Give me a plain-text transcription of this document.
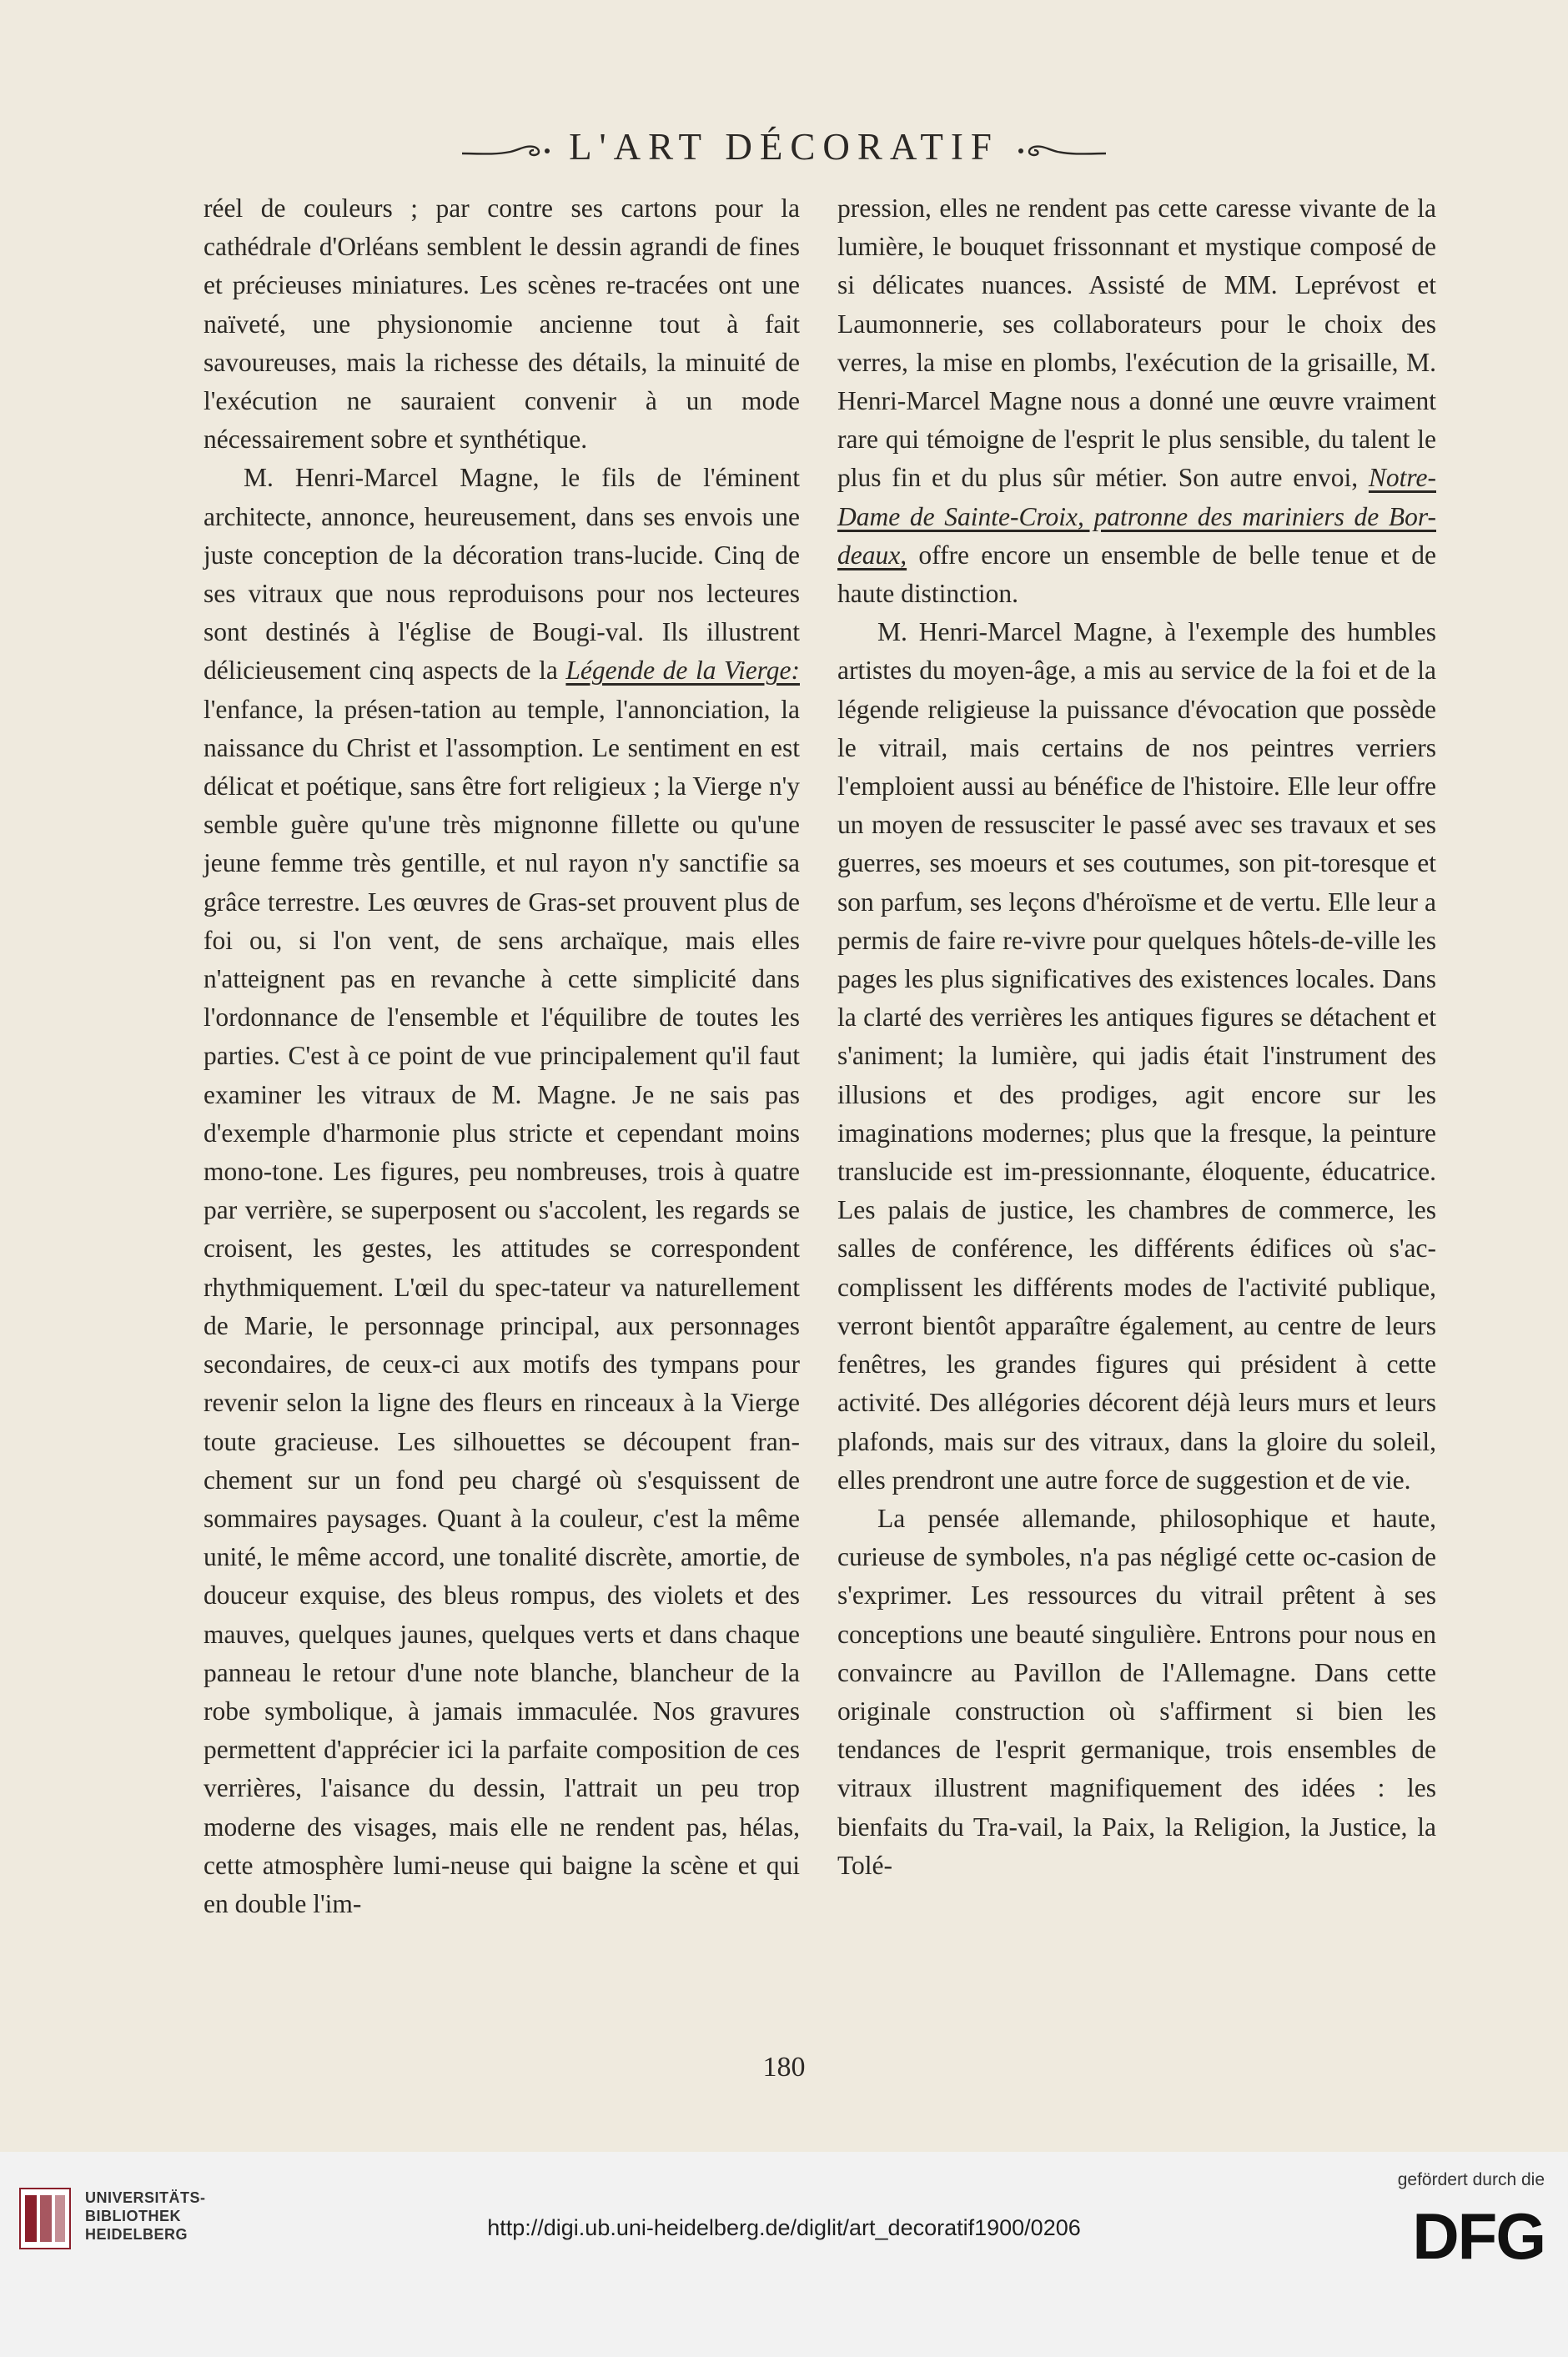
L'ART DÉCORATIF

réel de couleurs ; par contre ses cartons pour la cathédrale d'Orléans semblent le dessin agrandi de fines et précieuses miniatures. Les scènes re-tracées ont une naïveté, une physionomie ancienne tout à fait savoureuses, mais la richesse des détails, la minuité de l'exécution ne sauraient convenir à un mode nécessairement sobre et synthétique.

M. Henri-Marcel Magne, le fils de l'éminent architecte, annonce, heureusement, dans ses envois une juste conception de la décoration trans-lucide. Cinq de ses vitraux que nous reproduisons pour nos lecteures sont destinés à l'église de Bougi-val. Ils illustrent délicieusement cinq aspects de la Légende de la Vierge: l'enfance, la présen-tation au temple, l'annonciation, la naissance du Christ et l'assomption. Le sentiment en est délicat et poétique, sans être fort religieux ; la Vierge n'y semble guère qu'une très mignonne fillette ou qu'une jeune femme très gentille, et nul rayon n'y sanctifie sa grâce terrestre. Les œuvres de Gras-set prouvent plus de foi ou, si l'on vent, de sens archaïque, mais elles n'atteignent pas en revanche à cette simplicité dans l'ordonnance de l'ensemble et l'équilibre de toutes les parties. C'est à ce point de vue principalement qu'il faut examiner les vitraux de M. Magne. Je ne sais pas d'exemple d'harmonie plus stricte et cependant moins mono-tone. Les figures, peu nombreuses, trois à quatre par verrière, se superposent ou s'accolent, les regards se croisent, les gestes, les attitudes se correspondent rhythmiquement. L'œil du spec-tateur va naturellement de Marie, le personnage principal, aux personnages secondaires, de ceux-ci aux motifs des tympans pour revenir selon la ligne des fleurs en rinceaux à la Vierge toute gracieuse. Les silhouettes se découpent fran-chement sur un fond peu chargé où s'esquissent de sommaires paysages. Quant à la couleur, c'est la même unité, le même accord, une tonalité discrète, amortie, de douceur exquise, des bleus rompus, des violets et des mauves, quelques jaunes, quelques verts et dans chaque panneau le retour d'une note blanche, blancheur de la robe symbolique, à jamais immaculée. Nos gravures permettent d'apprécier ici la parfaite composition de ces verrières, l'aisance du dessin, l'attrait un peu trop moderne des visages, mais elle ne rendent pas, hélas, cette atmosphère lumi-neuse qui baigne la scène et qui en double l'im-

pression, elles ne rendent pas cette caresse vivante de la lumière, le bouquet frissonnant et mystique composé de si délicates nuances. Assisté de MM. Leprévost et Laumonnerie, ses collaborateurs pour le choix des verres, la mise en plombs, l'exécution de la grisaille, M. Henri-Marcel Magne nous a donné une œuvre vraiment rare qui témoigne de l'esprit le plus sensible, du talent le plus fin et du plus sûr métier. Son autre envoi, Notre-Dame de Sainte-Croix, patronne des mariniers de Bor-deaux, offre encore un ensemble de belle tenue et de haute distinction.

M. Henri-Marcel Magne, à l'exemple des humbles artistes du moyen-âge, a mis au service de la foi et de la légende religieuse la puissance d'évocation que possède le vitrail, mais certains de nos peintres verriers l'emploient aussi au bénéfice de l'histoire. Elle leur offre un moyen de ressusciter le passé avec ses travaux et ses guerres, ses moeurs et ses coutumes, son pit-toresque et son parfum, ses leçons d'héroïsme et de vertu. Elle leur a permis de faire re-vivre pour quelques hôtels-de-ville les pages les plus significatives des existences locales. Dans la clarté des verrières les antiques figures se détachent et s'animent; la lumière, qui jadis était l'instrument des illusions et des prodiges, agit encore sur les imaginations modernes; plus que la fresque, la peinture translucide est im-pressionnante, éloquente, éducatrice. Les palais de justice, les chambres de commerce, les salles de conférence, les différents édifices où s'ac-complissent les différents modes de l'activité publique, verront bientôt apparaître également, au centre de leurs fenêtres, les grandes figures qui président à cette activité. Des allégories décorent déjà leurs murs et leurs plafonds, mais sur des vitraux, dans la gloire du soleil, elles prendront une autre force de suggestion et de vie.

La pensée allemande, philosophique et haute, curieuse de symboles, n'a pas négligé cette oc-casion de s'exprimer. Les ressources du vitrail prêtent à ses conceptions une beauté singulière. Entrons pour nous en convaincre au Pavillon de l'Allemagne. Dans cette originale construction où s'affirment si bien les tendances de l'esprit germanique, trois ensembles de vitraux illustrent magnifiquement des idées : les bienfaits du Tra-vail, la Paix, la Religion, la Justice, la Tolé-

180
UNIVERSITÄTS-
BIBLIOTHEK
HEIDELBERG	http://digi.ub.uni-heidelberg.de/diglit/art_decoratif1900/0206
gefördert durch die
DFG
